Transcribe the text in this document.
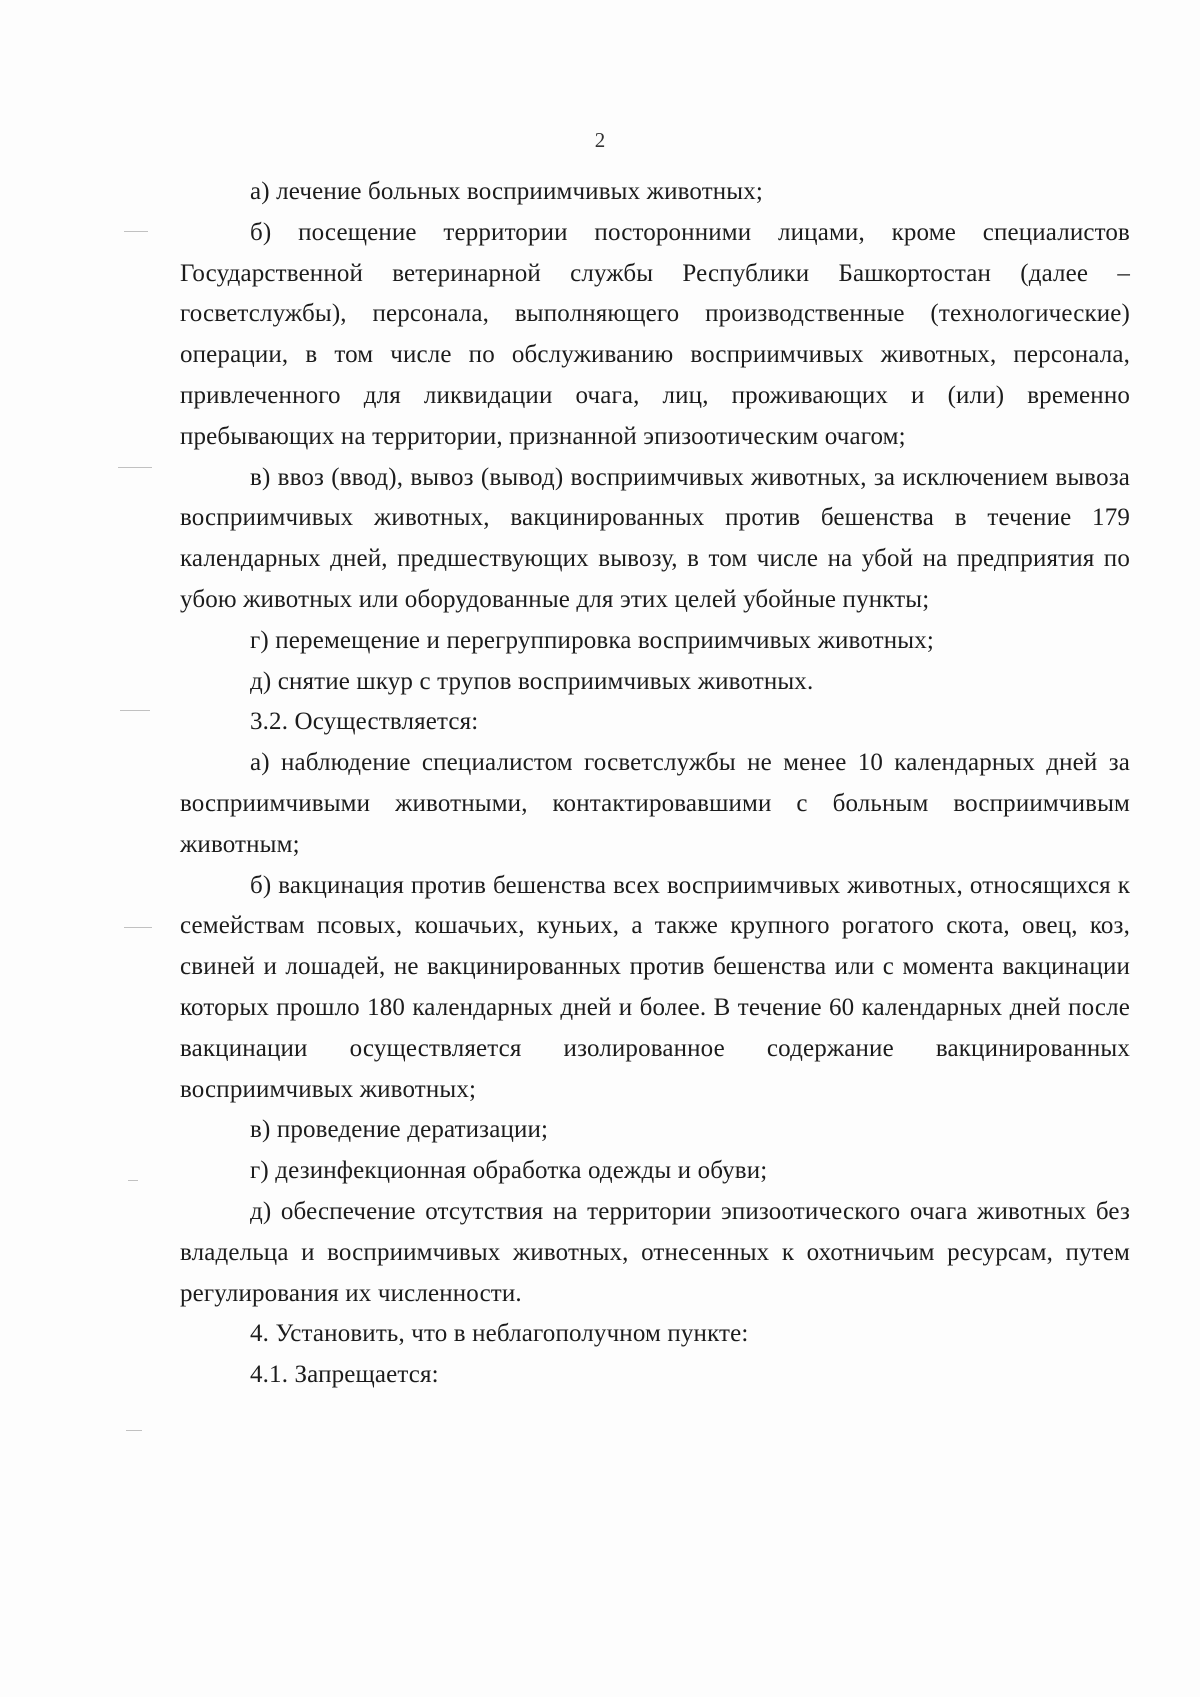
2

а) лечение больных восприимчивых животных;

б) посещение территории посторонними лицами, кроме специалистов Государственной ветеринарной службы Республики Башкортостан (далее – госветслужбы), персонала, выполняющего производственные (технологические) операции, в том числе по обслуживанию восприимчивых животных, персонала, привлеченного для ликвидации очага, лиц, проживающих и (или) временно пребывающих на территории, признанной эпизоотическим очагом;

в) ввоз (ввод), вывоз (вывод) восприимчивых животных, за исключением вывоза восприимчивых животных, вакцинированных против бешенства в течение 179 календарных дней, предшествующих вывозу, в том числе на убой на предприятия по убою животных или оборудованные для этих целей убойные пункты;

г) перемещение и перегруппировка восприимчивых животных;

д) снятие шкур с трупов восприимчивых животных.

3.2. Осуществляется:

а) наблюдение специалистом госветслужбы не менее 10 календарных дней за восприимчивыми животными, контактировавшими с больным восприимчивым животным;

б) вакцинация против бешенства всех восприимчивых животных, относящихся к семействам псовых, кошачьих, куньих, а также крупного рогатого скота, овец, коз, свиней и лошадей, не вакцинированных против бешенства или с момента вакцинации которых прошло 180 календарных дней и более. В течение 60 календарных дней после вакцинации осуществляется изолированное содержание вакцинированных восприимчивых животных;

в) проведение дератизации;

г) дезинфекционная обработка одежды и обуви;

д) обеспечение отсутствия на территории эпизоотического очага животных без владельца и восприимчивых животных, отнесенных к охотничьим ресурсам, путем регулирования их численности.

4. Установить, что в неблагополучном пункте:

4.1. Запрещается:
